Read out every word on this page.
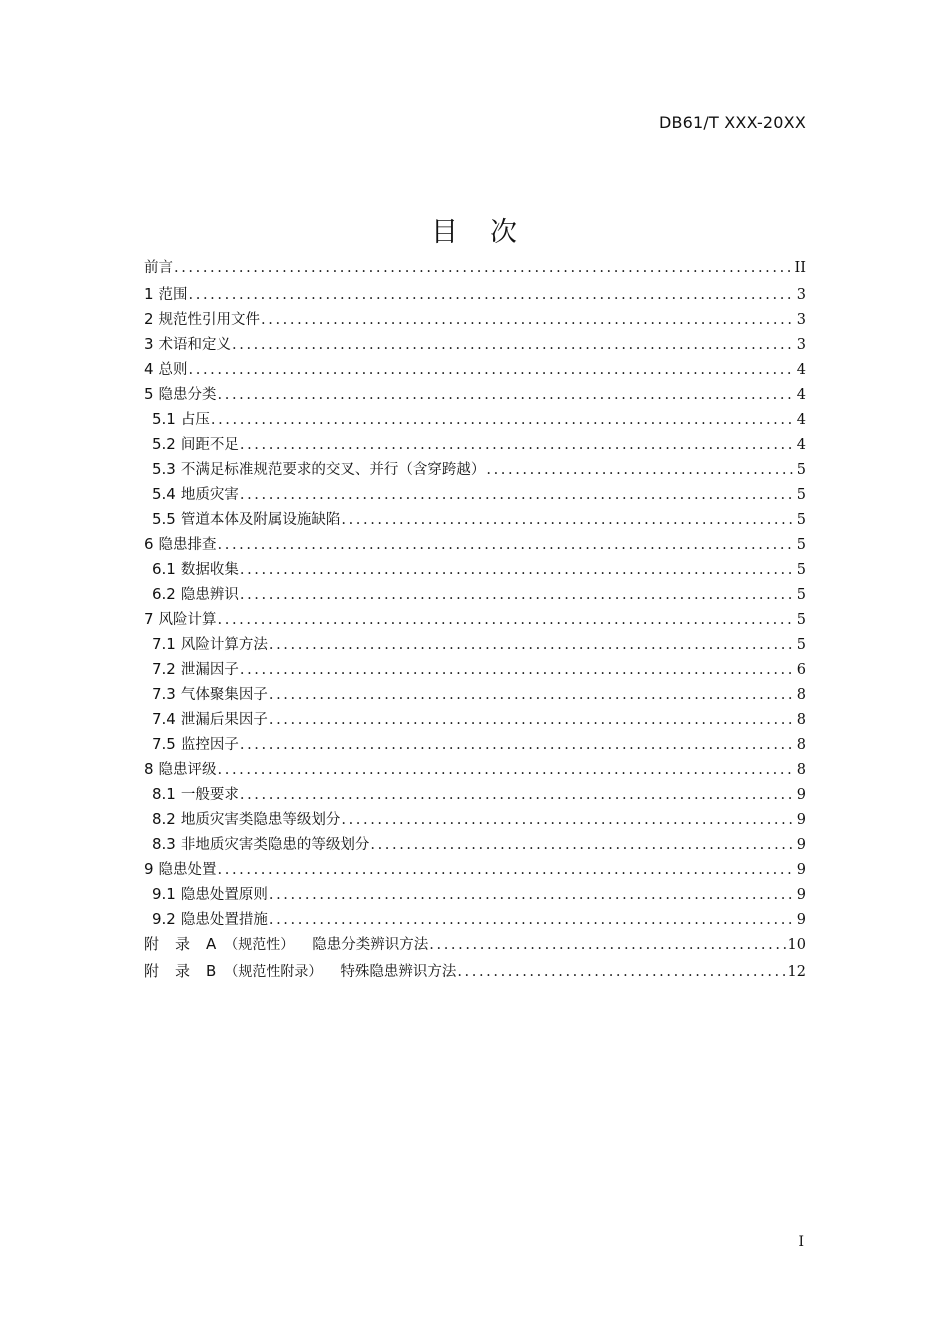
DB61/T XXX-20XX
目 次
前言 .....	II
1 范围 .....	3
2 规范性引用文件 .....	3
3 术语和定义 .....	3
4 总则 .....	4
5 隐患分类 .....	4
5.1 占压 .....	4
5.2 间距不足 .....	4
5.3 不满足标准规范要求的交叉、并行（含穿跨越） .....	5
5.4 地质灾害 .....	5
5.5 管道本体及附属设施缺陷 .....	5
6 隐患排查 .....	5
6.1 数据收集 .....	5
6.2 隐患辨识 .....	5
7 风险计算 .....	5
7.1 风险计算方法 .....	5
7.2 泄漏因子 .....	6
7.3 气体聚集因子 .....	8
7.4 泄漏后果因子 .....	8
7.5 监控因子 .....	8
8 隐患评级 .....	8
8.1 一般要求 .....	9
8.2 地质灾害类隐患等级划分 .....	9
8.3 非地质灾害类隐患的等级划分 .....	9
9 隐患处置 .....	9
9.1 隐患处置原则 .....	9
9.2 隐患处置措施 .....	9
附 录 A （规范性） 隐患分类辨识方法 .....	10
附 录 B （规范性附录） 特殊隐患辨识方法 .....	12
I
